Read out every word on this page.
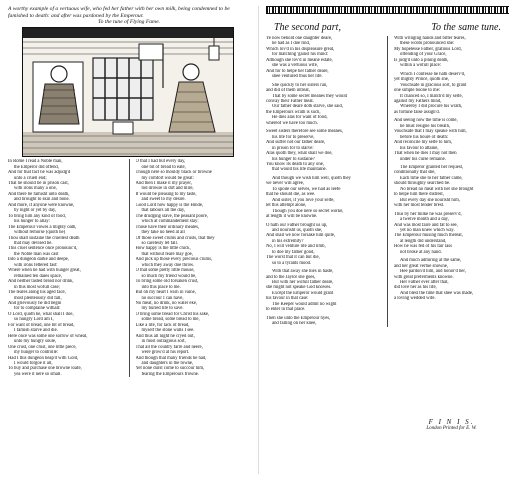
A worthy example of a vertuous wife, who fed her father with her own milk, being condemned to be famished to death: and after was pardoned by the Emperour.

To the tune of Flying Fame.

In Rome I read a Noble man,

the Emperor did offend,

And for that fact he was adjudg'd

unto a cruell end;

That he should be in prison cast,

with irons many a one,

And there be famisht unto death,

and brought to skin and bone.

And more, if anyone were knowne,

by night or yet by day,

To bring him any kind of food,

his hunger to allay:

The Emperour vowes a mighty oath,

without remorse (quoth he)

Thou shalt sustaine the cruellest death

that may devised be.

This cruel sentence once pronounc'd,

the Noble man was cast

Into a dungeon darke and deepe,

with irons fettered fast:

Where when he had with hunger great,

remained ten daies space,

And neither tasted bread nor drink,

in this most wofull case;

The teares along his aged face,

most plenteously did fall,

And grievously he did begin

for to complaine withall:

O Lord, quoth he, what shall I doe,

so hungry Lord am I,

For want of bread, one bit of bread,

I famish starve and die.

Here once was some one sorrow of wheat,

unto my hungry soule,

One crust, one crust, one little piece,

my hunger to controlle:

Had I this dungeon heap'd with Gold,

I would forgoe it all,

To buy and purchase one browne loafe,

yea were it nere so small.

O that I had but every day,

one bit of bread to eate,

Though nere so mouldy black or browne

my comfort would be great:

And then I make it my prayer,

tod drowse in dirt and mire,

It would be pleasing to my taste,

and sweet to my desire.

Good Lord how happy is the Hinde,

that labours all the day,

The drudging slave, the peasant poore,

which at commandement stay:

Those have their ordinary meales,

they take no heed at all

Of those sweet crums and crusts, that they

so carelesly let fall.

How happy is the little chick,

that without feare may goe,

And pick up those every precious crums,

which they away doe throw.

O that some pretty little mouse,

so much my friend would be,

To bring some old forsaken crust,

into this place to me.

But oh my heart I wish in vaine,

no succour I can have,

No meat, no drink, no water eke,

my buried life to save.

O bring some bread for Christ his sake,

some bread, some bread to me,

Like a life, for lack of bread,

myself the stone walls I see.

And thus all night he cryed out,

in most outragious sort,

That all the country farre and neere,

were grow'd at his report.

And though that many friends he had,

and daughters in the towne,

Yet none durst come to succour him,

fearing the Emperours frowne.

The second part,	To the same tune.

Ye now behold one daughter deare,

he had as I doe find,

Which lov'd in his displeasure great,

for matching 'gainst his mind:

Although she lov'd in meane estate,

she was a vertuous wife,

And for to helpe her father deare,

shee ventured thus her life.

She quickly to her sisters ran,

and did of them intreat,

That by some secret meanes they would

convay their Father meat.

Our father deare doth starve, she said,

the Emperours wrath is such,

He dies alas for want of food,

whereof we have too much.

Sweet sisters therefore see some meanes,

his life for to preserve,

And suffer not our father deare,

in prison for to starve:

Alas quoth they, what shall we doe,

his hunger to sustaine?

You know its death to any one,

that would his life maintaine.

And though we wish him well, quoth they

we never will agree,

To spoile our selves, we had as leefe

that he should die, as wee.

And sister, if you love your selfe,

let this attempt alone,

Though you doe nere so secret worke,

at length it will be knowne.

O hath our Father brought us up,

and nourisht us, quoth she,

And shall we now forsake him quite,

in his extremity?

No, I will venture life and limb,

to doe my father good,

The worst that it can but die,

so to a tyrants mood.

With that away she hies in haste,

and to the Jaylor she goes,

But with her wofull father deare,

she might not speake God knowes.

Except the Emperor would grant

his favour in that case:

The Keeper would admit no wight

to enter in that place.

Then she unto the Emperour hyes,

and falling on her knee,

With wringing hands and bitter teares,

these words pronounced she:

My hopelesse Father, gratious Lord,

offending of your Grace,

Is judg'd unto a pining death,

within a wofull place:

Which I confesse he hath deserv'd,

yet mighty Prince, quoth she,

Vouchsafe in gracious sort, to grant

one simple boone to me:

It chanced so, I match'd my selfe,

against my Fathers mind,

Whereby I did procure his wrath,

as fortune false assign'd.

And seeing now the time is come,

he must resigne his breath,

Vouchsafe that I may speake with him,

before his houre of death:

And reconcile my selfe to him,

his favour to attaine,

That when he dies I may not then

under his curse remaine.

The Emperor granted her request,

conditionally that she,

Each time she to her father came,

should throughly searched be.

No bread no meat with her she brought

to helpe him there distrest,

But every day she nourisht him,

with her most tender brest.

Thus by her milke he was preserv'd,

a twelve month and a day,

And was most faire and fat to see,

yet no man knew which way.

The Emperour musing much thereat,

at length did understand,

How he was fed of his fair lass

not broke at any hand.

And much admiring at the same,

and her great vertue showne,

Hee pardon'd him, and honor'd her,

with great preferments knowne.

Her Father ever after that,

did love her as his life,

And blest the time that shee was made,

a loving wedded wife.

F I N I S.
London Printed for E. W.
